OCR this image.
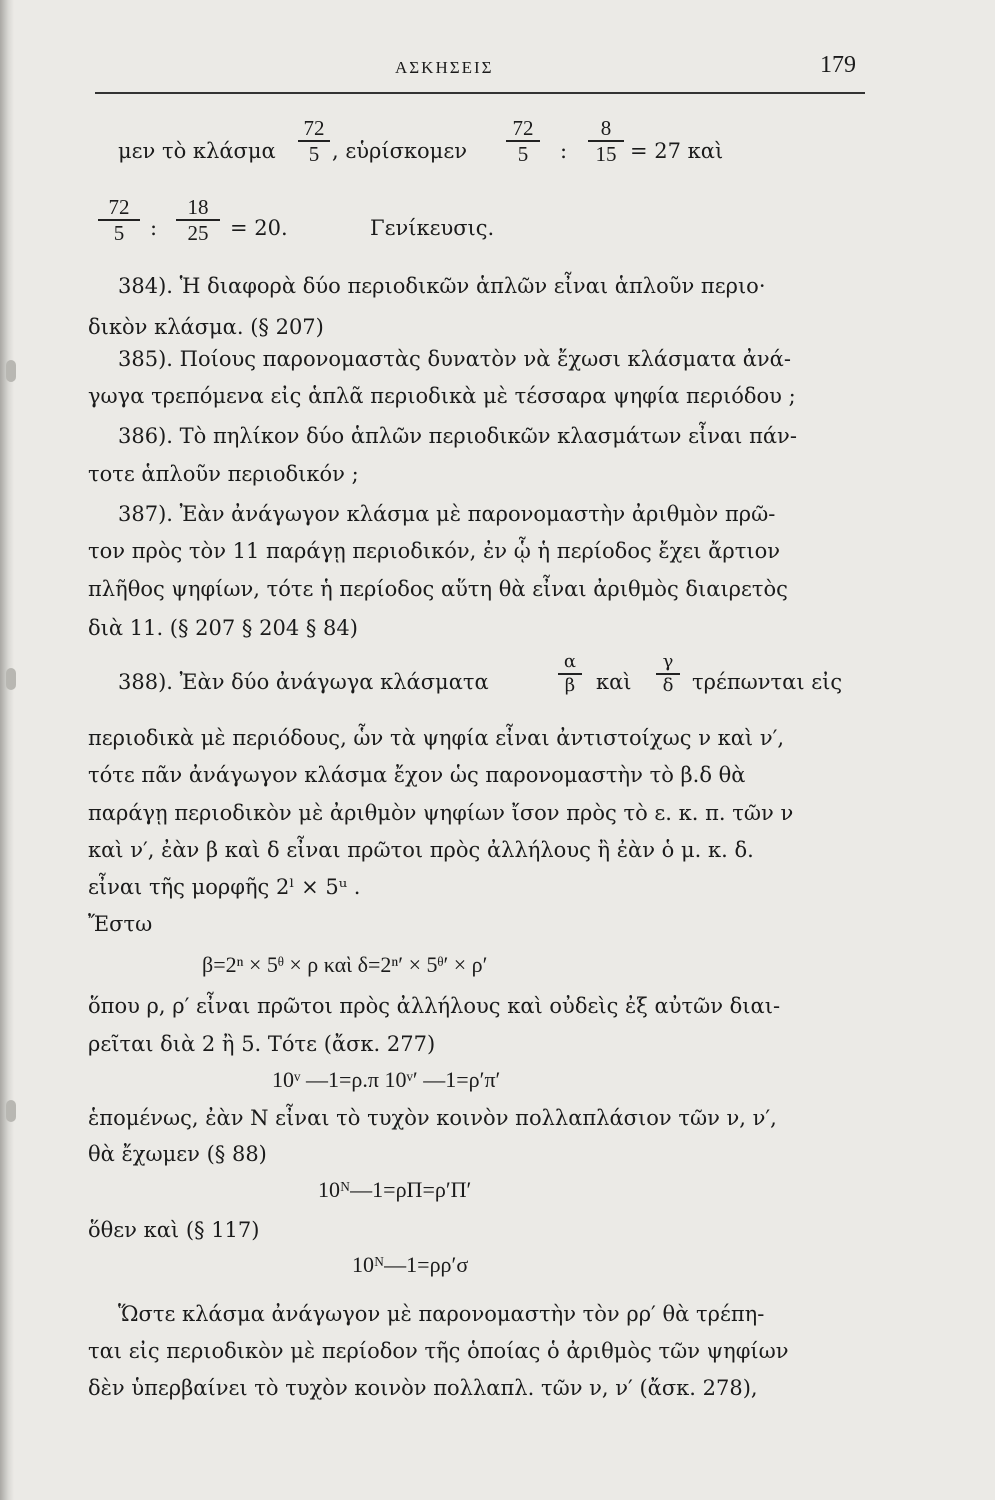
ΑΣΚΗΣΕΙΣ	179
μεν τὸ κλάσμα
72
5 , εὑρίσκομεν
72
5	:
8
15 = 27 καὶ
72
5	:
18
25	= 20.	Γενίκευσις.
384). Ἡ διαφορὰ δύο περιοδικῶν ἁπλῶν εἶναι ἁπλοῦν περιο·
δικὸν κλάσμα. (§ 207)
385). Ποίους παρονομαστὰς δυνατὸν νὰ ἔχωσι κλάσματα ἀνά-
γωγα τρεπόμενα εἰς ἁπλᾶ περιοδικὰ μὲ τέσσαρα ψηφία περιόδου ;
386). Τὸ πηλίκον δύο ἁπλῶν περιοδικῶν κλασμάτων εἶναι πάν-
τοτε ἁπλοῦν περιοδικόν ;
387). Ἐὰν ἀνάγωγον κλάσμα μὲ παρονομαστὴν ἀριθμὸν πρῶ-
τον πρὸς τὸν 11 παράγῃ περιοδικόν, ἐν ᾧ ἡ περίοδος ἔχει ἄρτιον
πλῆθος ψηφίων, τότε ἡ περίοδος αὕτη θὰ εἶναι ἀριθμὸς διαιρετὸς
διὰ 11. (§ 207 § 204 § 84)
388). Ἐὰν δύο ἀνάγωγα κλάσματα
α
β καὶ
γ
δ τρέπωνται εἰς
περιοδικὰ μὲ περιόδους, ὧν τὰ ψηφία εἶναι ἀντιστοίχως ν καὶ ν′,
τότε πᾶν ἀνάγωγον κλάσμα ἔχον ὡς παρονομαστὴν τὸ β.δ θὰ
παράγῃ περιοδικὸν μὲ ἀριθμὸν ψηφίων ἴσον πρὸς τὸ ε. κ. π. τῶν ν
καὶ ν′, ἐὰν β καὶ δ εἶναι πρῶτοι πρὸς ἀλλήλους ἢ ἐὰν ὁ μ. κ. δ.
εἶναι τῆς μορφῆς 2ˡ × 5ᵘ .
Ἔστω
β=2ⁿ × 5ᶿ × ρ καὶ δ=2ⁿ′ × 5ᶿ′ × ρ′
ὅπου ρ, ρ′ εἶναι πρῶτοι πρὸς ἀλλήλους καὶ οὐδεὶς ἐξ αὐτῶν διαι-
ρεῖται διὰ 2 ἢ 5. Τότε (ἄσκ. 277)
10ᵛ —1=ρ.π 10ᵛ′ —1=ρ′π′
ἑπομένως, ἐὰν Ν εἶναι τὸ τυχὸν κοινὸν πολλαπλάσιον τῶν ν, ν′,
θὰ ἔχωμεν (§ 88)
10ᴺ—1=ρΠ=ρ′Π′
ὅθεν καὶ (§ 117)
10ᴺ—1=ρρ′σ
Ὥστε κλάσμα ἀνάγωγον μὲ παρονομαστὴν τὸν ρρ′ θὰ τρέπη-
ται εἰς περιοδικὸν μὲ περίοδον τῆς ὁποίας ὁ ἀριθμὸς τῶν ψηφίων
δὲν ὑπερβαίνει τὸ τυχὸν κοινὸν πολλαπλ. τῶν ν, ν′ (ἄσκ. 278),
